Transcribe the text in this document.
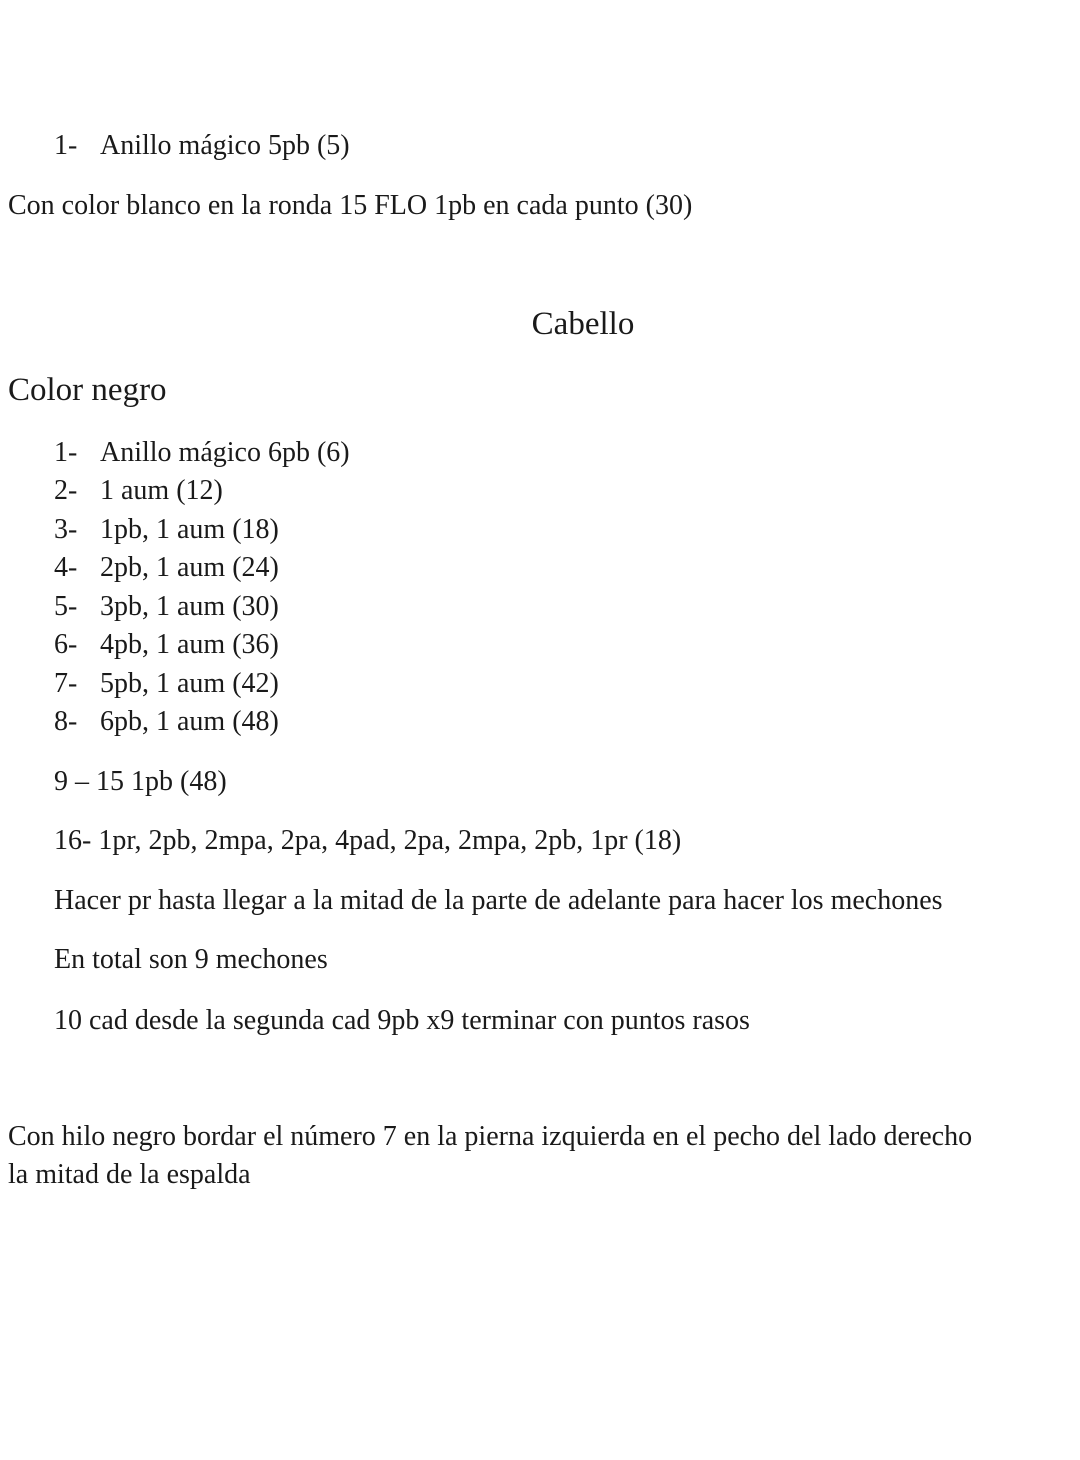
1- Anillo mágico 5pb (5)
Con color blanco en la ronda 15 FLO 1pb en cada punto (30)
Cabello
Color negro
1- Anillo mágico 6pb (6)
2- 1 aum (12)
3- 1pb, 1 aum (18)
4- 2pb, 1 aum (24)
5- 3pb, 1 aum (30)
6- 4pb, 1 aum (36)
7- 5pb, 1 aum (42)
8- 6pb, 1 aum (48)
9 – 15 1pb (48)
16- 1pr, 2pb, 2mpa, 2pa, 4pad, 2pa, 2mpa, 2pb, 1pr (18)
Hacer pr hasta llegar a la mitad de la parte de adelante para hacer los mechones
En total son 9 mechones
10 cad desde la segunda cad 9pb x9 terminar con puntos rasos
Con hilo negro bordar el número 7 en la pierna izquierda en el pecho del lado derecho
la mitad de la espalda
